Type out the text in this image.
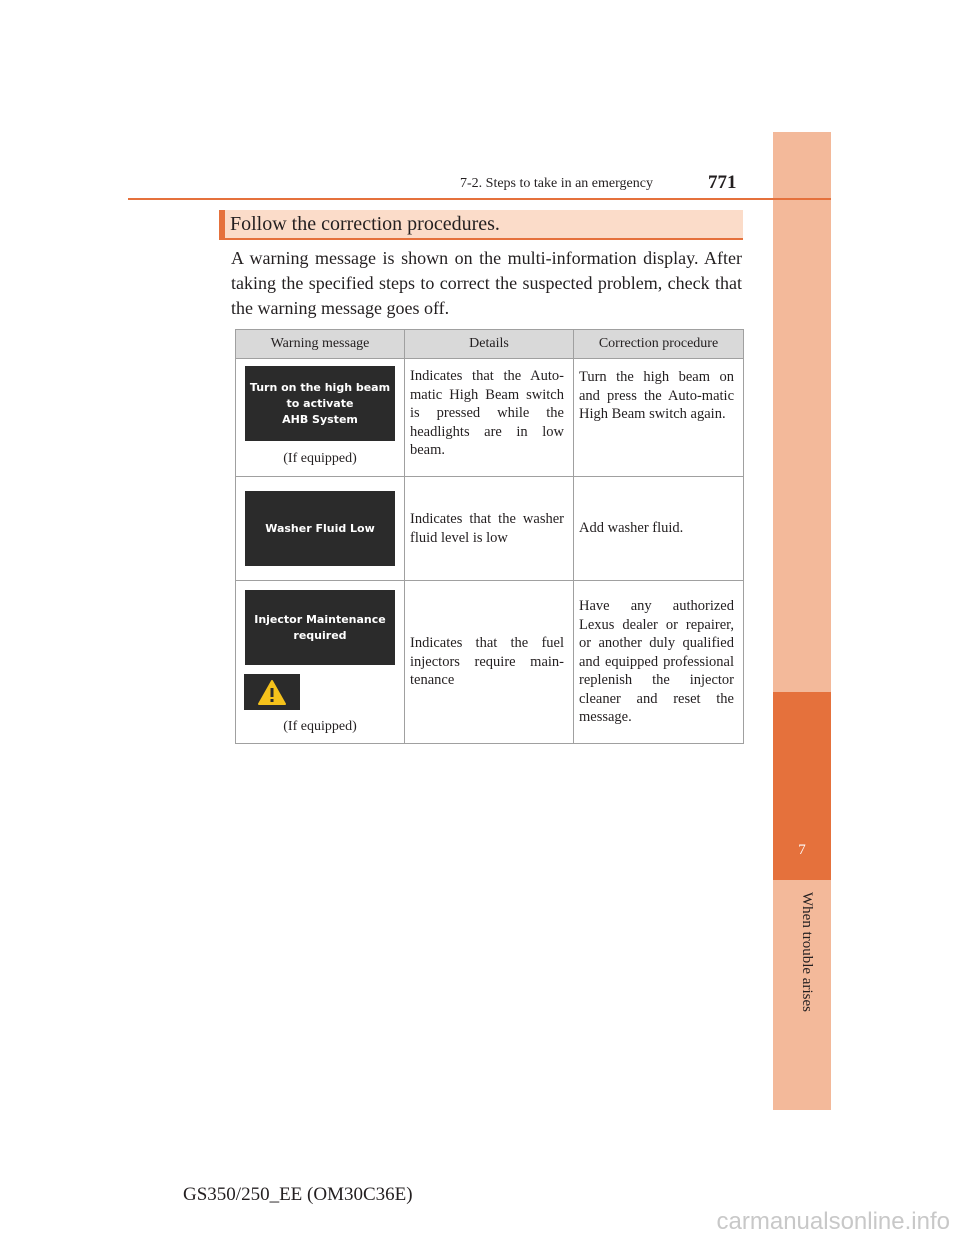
7
When trouble arises
7-2. Steps to take in an emergency	771
Follow the correction procedures.
A warning message is shown on the multi-information display. After taking the specified steps to correct the suspected problem, check that the warning message goes off.
Warning message	Details	Correction procedure

Turn on the high beam
to activate
AHB System
(If equipped)	Indicates that the Auto-matic High Beam switch is pressed while the headlights are in low beam.	Turn the high beam on and press the Auto-matic High Beam switch again.

Washer Fluid Low	Indicates that the washer fluid level is low	Add washer fluid.

Injector Maintenance
required
(If equipped)	Indicates that the fuel injectors require main-tenance	Have any authorized Lexus dealer or repairer, or another duly qualified and equipped professional replenish the injector cleaner and reset the message.
GS350/250_EE (OM30C36E)
carmanualsonline.info
